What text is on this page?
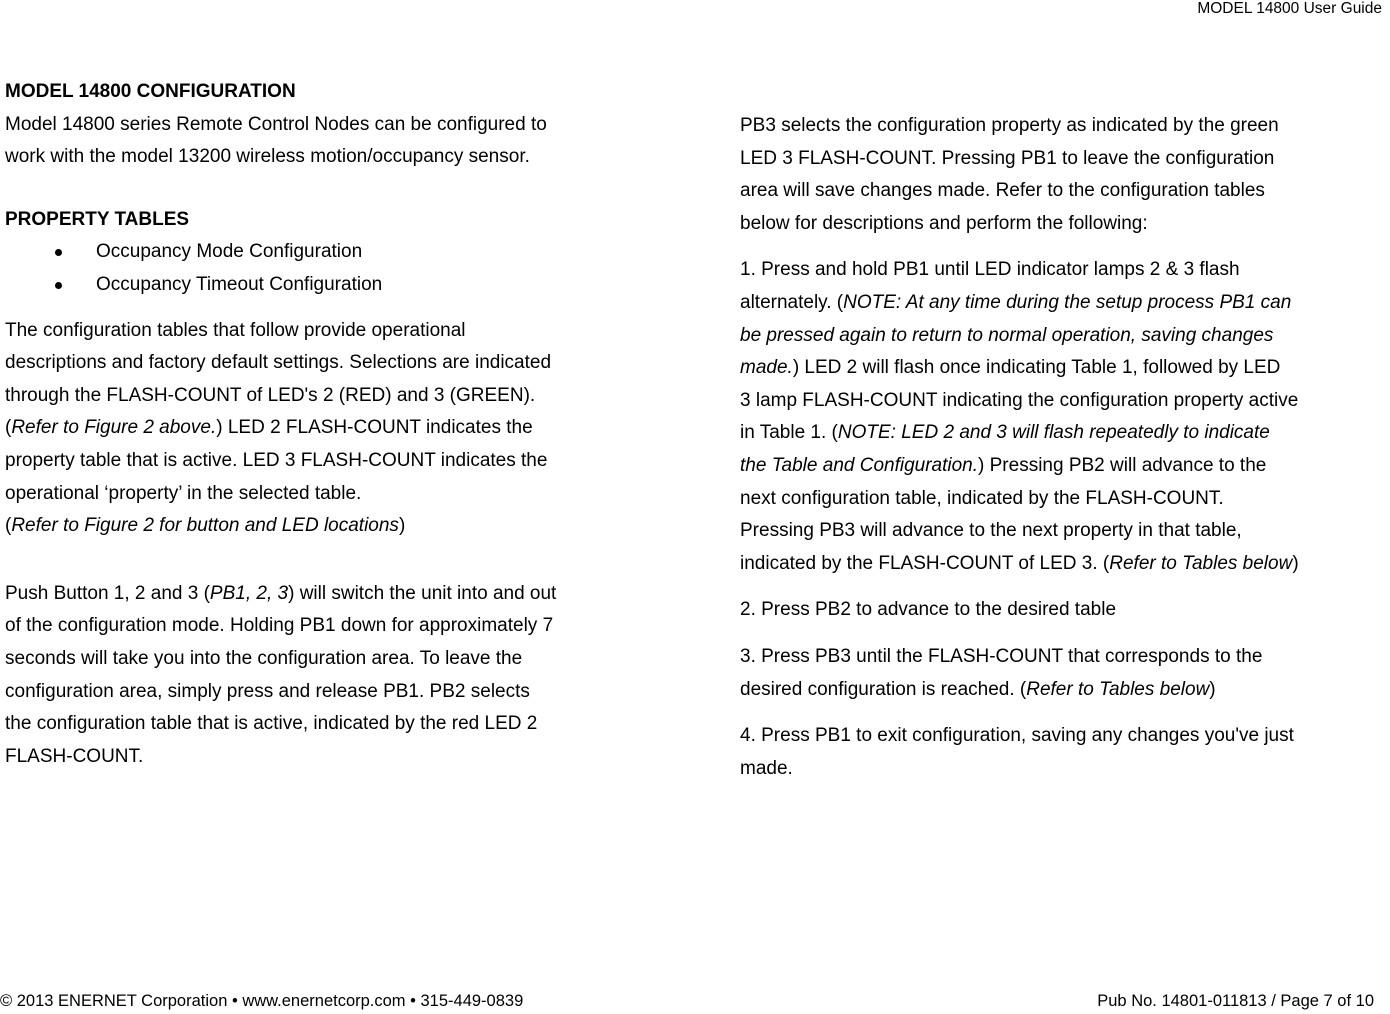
MODEL 14800 User Guide

MODEL 14800 CONFIGURATION

Model 14800 series Remote Control Nodes can be configured to

work with the model 13200 wireless motion/occupancy sensor.

PROPERTY TABLES

Occupancy Mode Configuration

Occupancy Timeout Configuration

The configuration tables that follow provide operational

descriptions and factory default settings. Selections are indicated

through the FLASH-COUNT of LED's 2 (RED) and 3 (GREEN).

(Refer to Figure 2 above.) LED 2 FLASH-COUNT indicates the

property table that is active. LED 3 FLASH-COUNT indicates the

operational ‘property’ in the selected table.

(Refer to Figure 2 for button and LED locations)

Push Button 1, 2 and 3 (PB1, 2, 3) will switch the unit into and out

of the configuration mode. Holding PB1 down for approximately 7

seconds will take you into the configuration area. To leave the

configuration area, simply press and release PB1. PB2 selects

the configuration table that is active, indicated by the red LED 2

FLASH-COUNT.

PB3 selects the configuration property as indicated by the green

LED 3 FLASH-COUNT. Pressing PB1 to leave the configuration

area will save changes made. Refer to the configuration tables

below for descriptions and perform the following:

1. Press and hold PB1 until LED indicator lamps 2 & 3 flash

alternately. (NOTE: At any time during the setup process PB1 can

be pressed again to return to normal operation, saving changes

made.) LED 2 will flash once indicating Table 1, followed by LED

3 lamp FLASH-COUNT indicating the configuration property active

in Table 1. (NOTE: LED 2 and 3 will flash repeatedly to indicate

the Table and Configuration.) Pressing PB2 will advance to the

next configuration table, indicated by the FLASH-COUNT.

Pressing PB3 will advance to the next property in that table,

indicated by the FLASH-COUNT of LED 3. (Refer to Tables below)

2. Press PB2 to advance to the desired table

3. Press PB3 until the FLASH-COUNT that corresponds to the

desired configuration is reached. (Refer to Tables below)

4. Press PB1 to exit configuration, saving any changes you've just

made.

© 2013 ENERNET Corporation • www.enernetcorp.com • 315-449-0839	Pub No. 14801-011813 / Page 7 of 10
